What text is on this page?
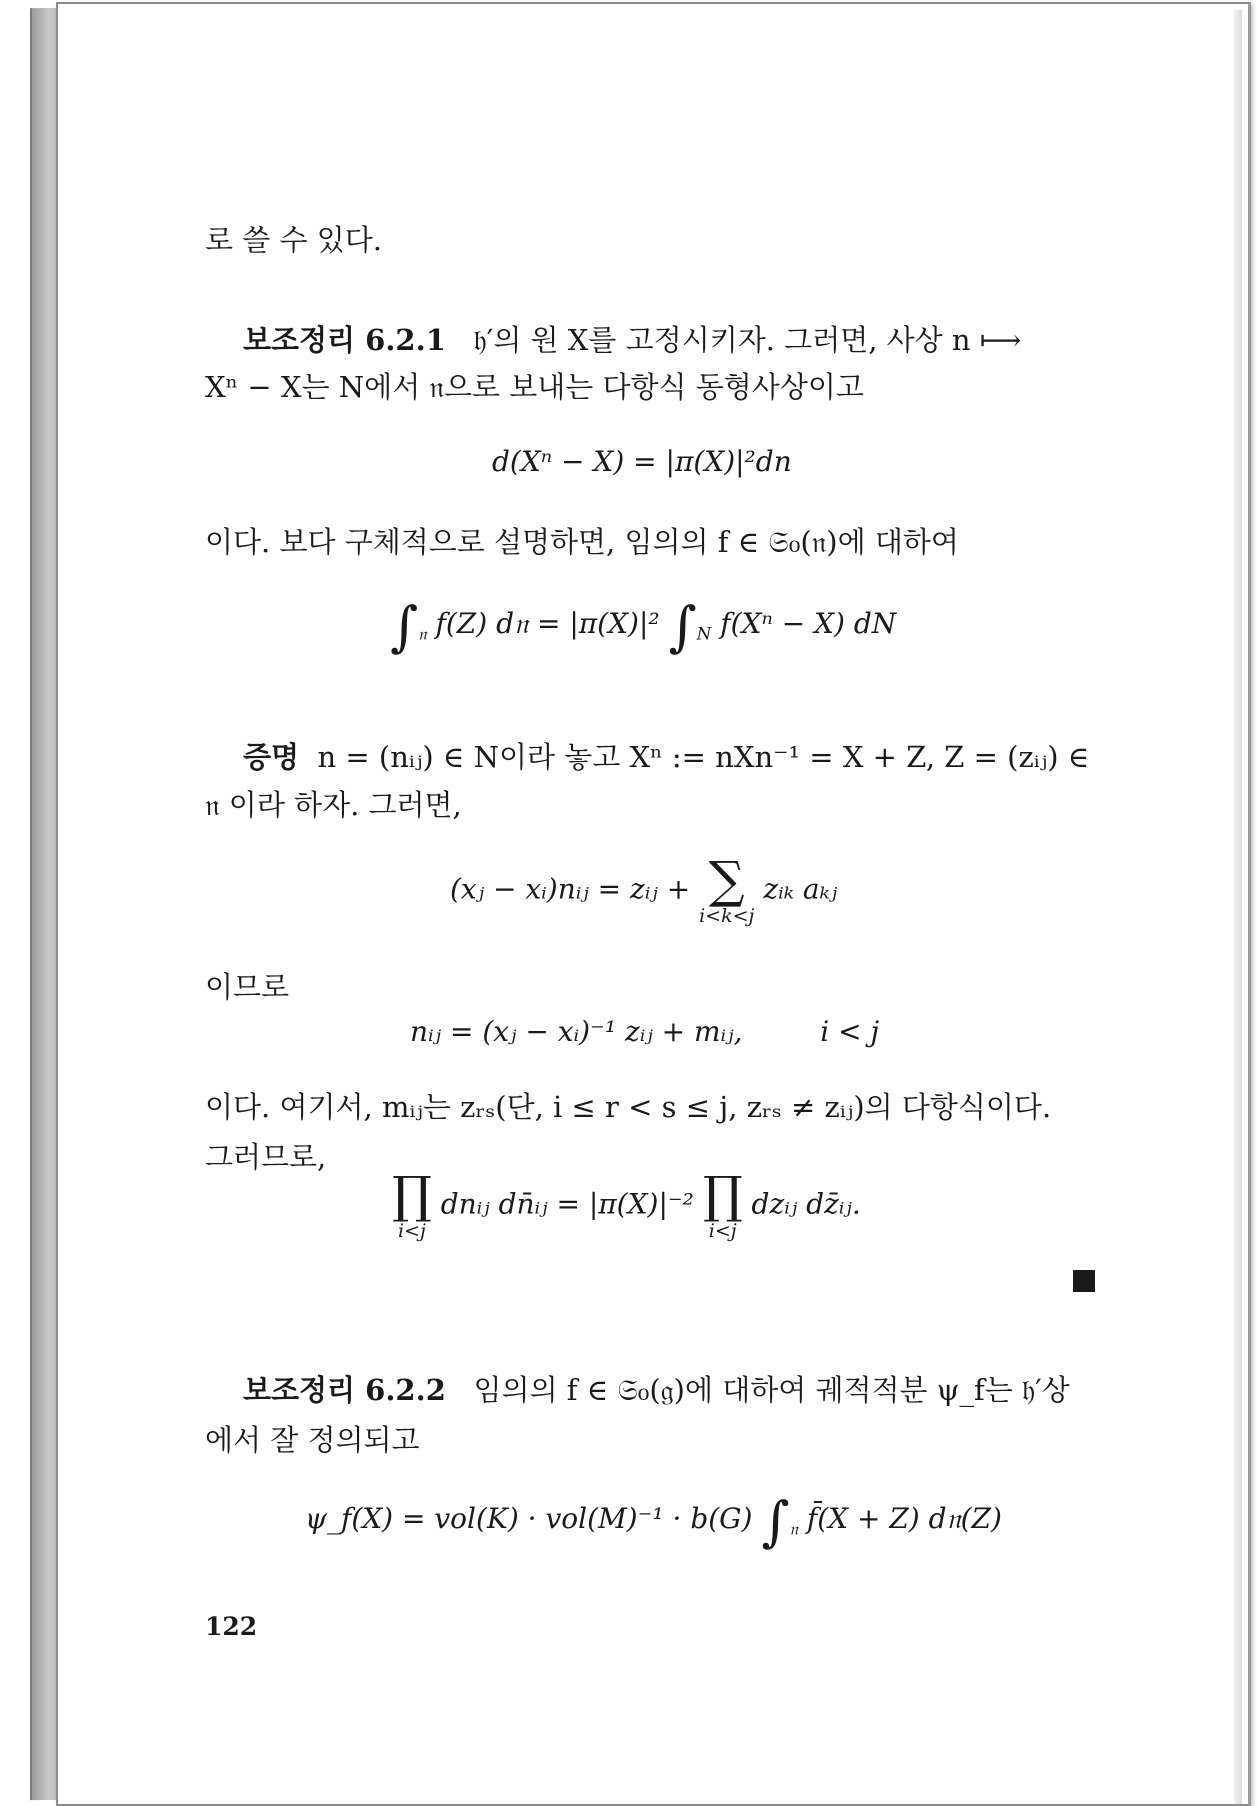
로 쓸 수 있다.
보조정리 6.2.1 𝔥′의 원 X를 고정시키자. 그러면, 사상 n ⟼
Xⁿ − X는 N에서 𝔫으로 보내는 다항식 동형사상이고
d(Xⁿ − X) = |π(X)|²dn
이다. 보다 구체적으로 설명하면, 임의의 f ∈ 𝔖₀(𝔫)에 대하여
$\int_𝔫$ f(Z) d𝔫 = |π(X)|² $\int_N$ f(Xⁿ − X) dN
증명 n = (nᵢⱼ) ∈ N이라 놓고 Xⁿ := nXn⁻¹ = X + Z, Z = (zᵢⱼ) ∈
𝔫 이라 하자. 그러면,
(xⱼ − xᵢ)nᵢⱼ = zᵢⱼ + ∑
i<k<j
zᵢₖ aₖⱼ
이므로
nᵢⱼ = (xⱼ − xᵢ)⁻¹ zᵢⱼ + mᵢⱼ,	i < j
이다. 여기서, mᵢⱼ는 zᵣₛ(단, i ≤ r < s ≤ j, zᵣₛ ≠ zᵢⱼ)의 다항식이다.
그러므로,
∏
i<j
dnᵢⱼ dn̄ᵢⱼ = |π(X)|⁻² ∏
i<j
dzᵢⱼ dz̄ᵢⱼ.
보조정리 6.2.2 임의의 f ∈ 𝔖₀(𝔤)에 대하여 궤적적분 ψ_f는 𝔥′상
에서 잘 정의되고
ψ_f(X) = vol(K) · vol(M)⁻¹ · b(G) $\int_𝔫$ f̄(X + Z) d𝔫(Z)
122
